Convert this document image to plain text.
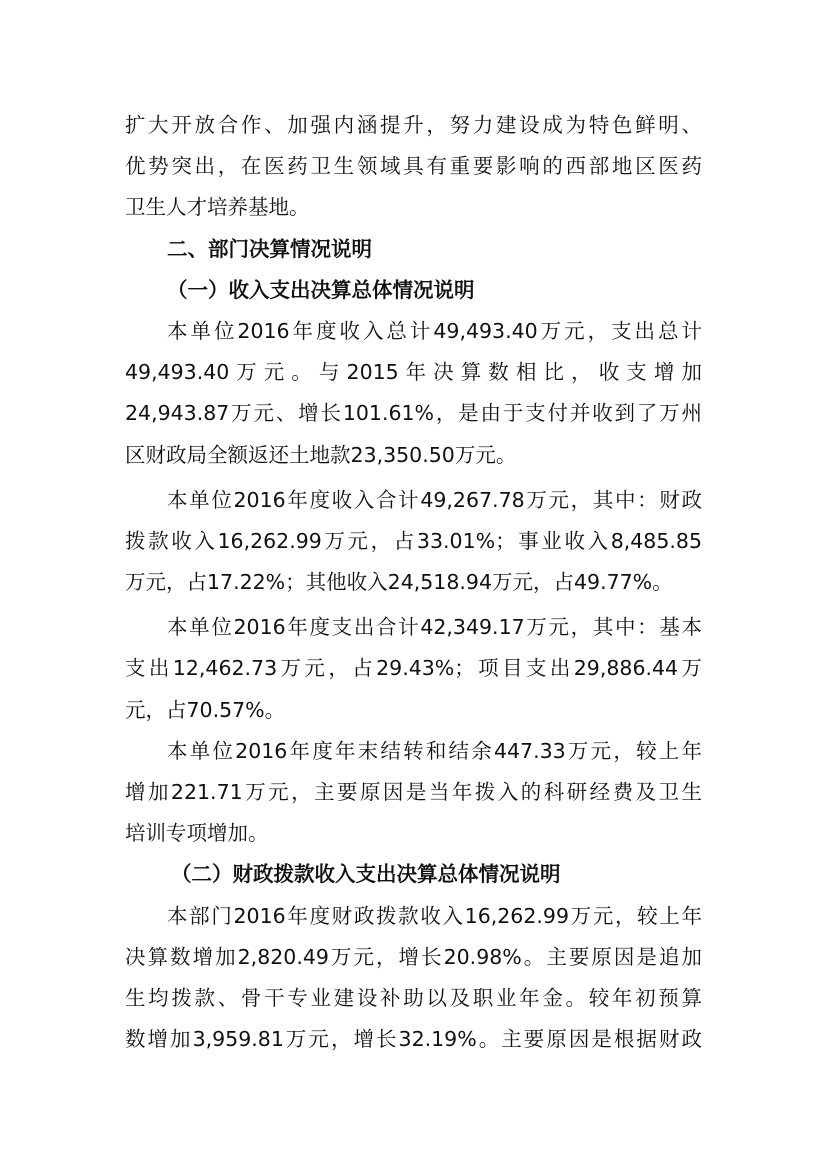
扩大开放合作、加强内涵提升，努力建设成为特色鲜明、
优势突出，在医药卫生领域具有重要影响的西部地区医药
卫生人才培养基地。
二、部门决算情况说明
（一）收入支出决算总体情况说明
本单位2016年度收入总计49,493.40万元，支出总计
49,493.40 万 元 。 与 2015 年 决 算 数 相 比 ， 收 支 增 加
24,943.87万元、增长101.61%，是由于支付并收到了万州
区财政局全额返还土地款23,350.50万元。
本单位2016年度收入合计49,267.78万元，其中：财政
拨款收入16,262.99万元，占33.01%；事业收入8,485.85
万元，占17.22%；其他收入24,518.94万元，占49.77%。
本单位2016年度支出合计42,349.17万元，其中：基本
支出12,462.73万元，占29.43%；项目支出29,886.44万
元，占70.57%。
本单位2016年度年末结转和结余447.33万元，较上年
增加221.71万元，主要原因是当年拨入的科研经费及卫生
培训专项增加。
（二）财政拨款收入支出决算总体情况说明
本部门2016年度财政拨款收入16,262.99万元，较上年
决算数增加2,820.49万元，增长20.98%。主要原因是追加
生均拨款、骨干专业建设补助以及职业年金。较年初预算
数增加3,959.81万元，增长32.19%。主要原因是根据财政
